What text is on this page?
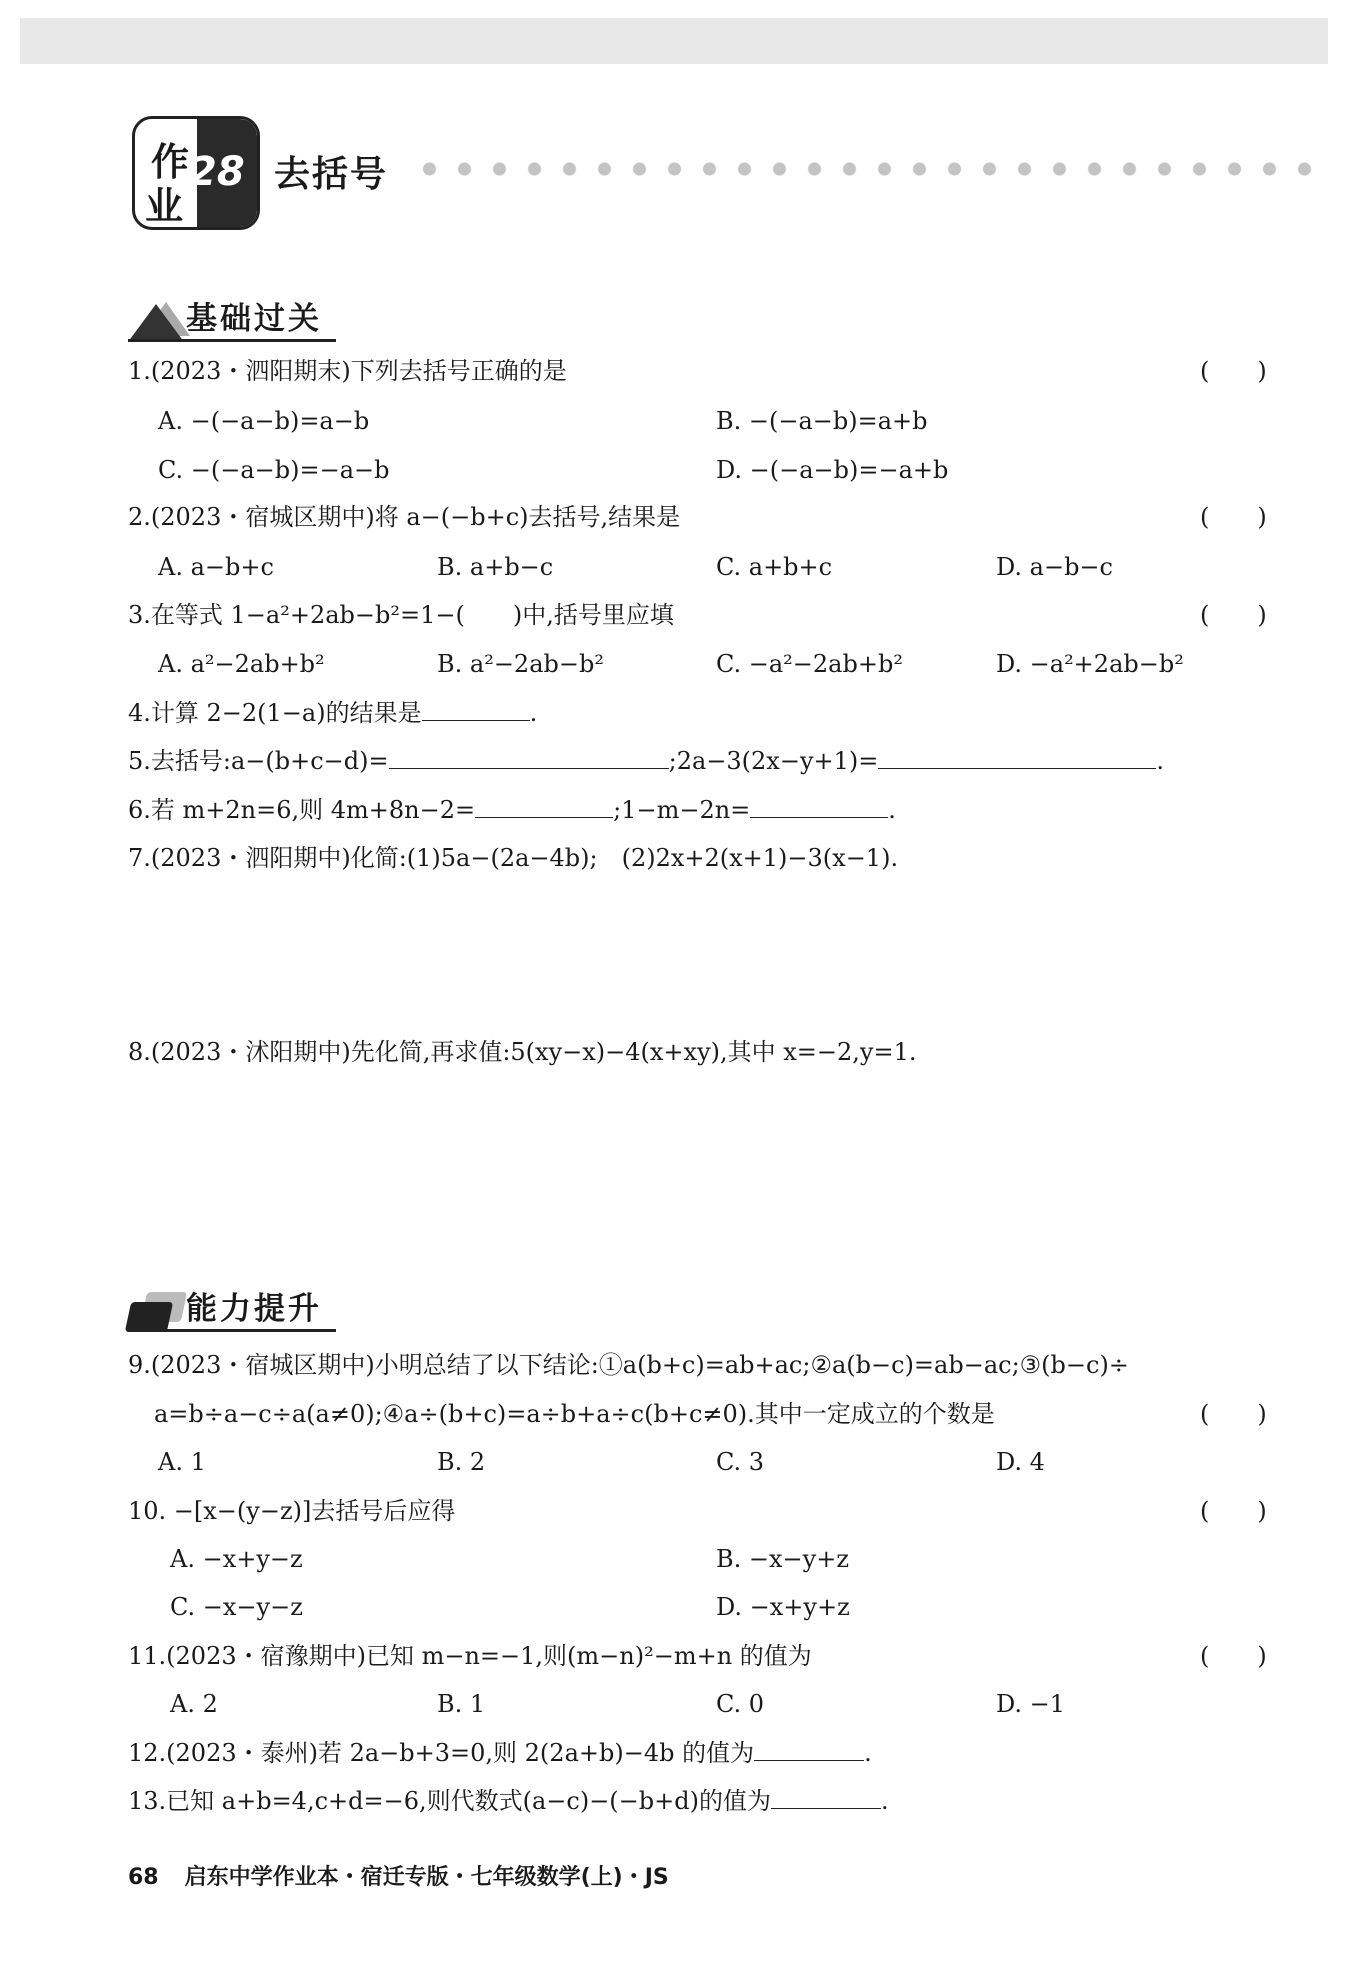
作
业
28 去括号
基础过关
1.(2023・泗阳期末)下列去括号正确的是	(　　)
A. −(−a−b)=a−b	B. −(−a−b)=a+b
C. −(−a−b)=−a−b	D. −(−a−b)=−a+b
2.(2023・宿城区期中)将 a−(−b+c)去括号,结果是	(　　)
A. a−b+c	B. a+b−c	C. a+b+c	D. a−b−c
3.在等式 1−a²+2ab−b²=1−(　　)中,括号里应填	(　　)
A. a²−2ab+b²	B. a²−2ab−b²	C. −a²−2ab+b²	D. −a²+2ab−b²
4.计算 2−2(1−a)的结果是	.
5.去括号:a−(b+c−d)=	;2a−3(2x−y+1)=	.
6.若 m+2n=6,则 4m+8n−2=	;1−m−2n=	.
7.(2023・泗阳期中)化简:(1)5a−(2a−4b);　(2)2x+2(x+1)−3(x−1).
8.(2023・沭阳期中)先化简,再求值:5(xy−x)−4(x+xy),其中 x=−2,y=1.
能力提升
9.(2023・宿城区期中)小明总结了以下结论:①a(b+c)=ab+ac;②a(b−c)=ab−ac;③(b−c)÷
a=b÷a−c÷a(a≠0);④a÷(b+c)=a÷b+a÷c(b+c≠0).其中一定成立的个数是	(　　)
A. 1	B. 2	C. 3	D. 4
10. −[x−(y−z)]去括号后应得	(　　)
A. −x+y−z	B. −x−y+z
C. −x−y−z	D. −x+y+z
11.(2023・宿豫期中)已知 m−n=−1,则(m−n)²−m+n 的值为	(　　)
A. 2	B. 1	C. 0	D. −1
12.(2023・泰州)若 2a−b+3=0,则 2(2a+b)−4b 的值为	.
13.已知 a+b=4,c+d=−6,则代数式(a−c)−(−b+d)的值为	.
68 启东中学作业本・宿迁专版・七年级数学(上)・JS
